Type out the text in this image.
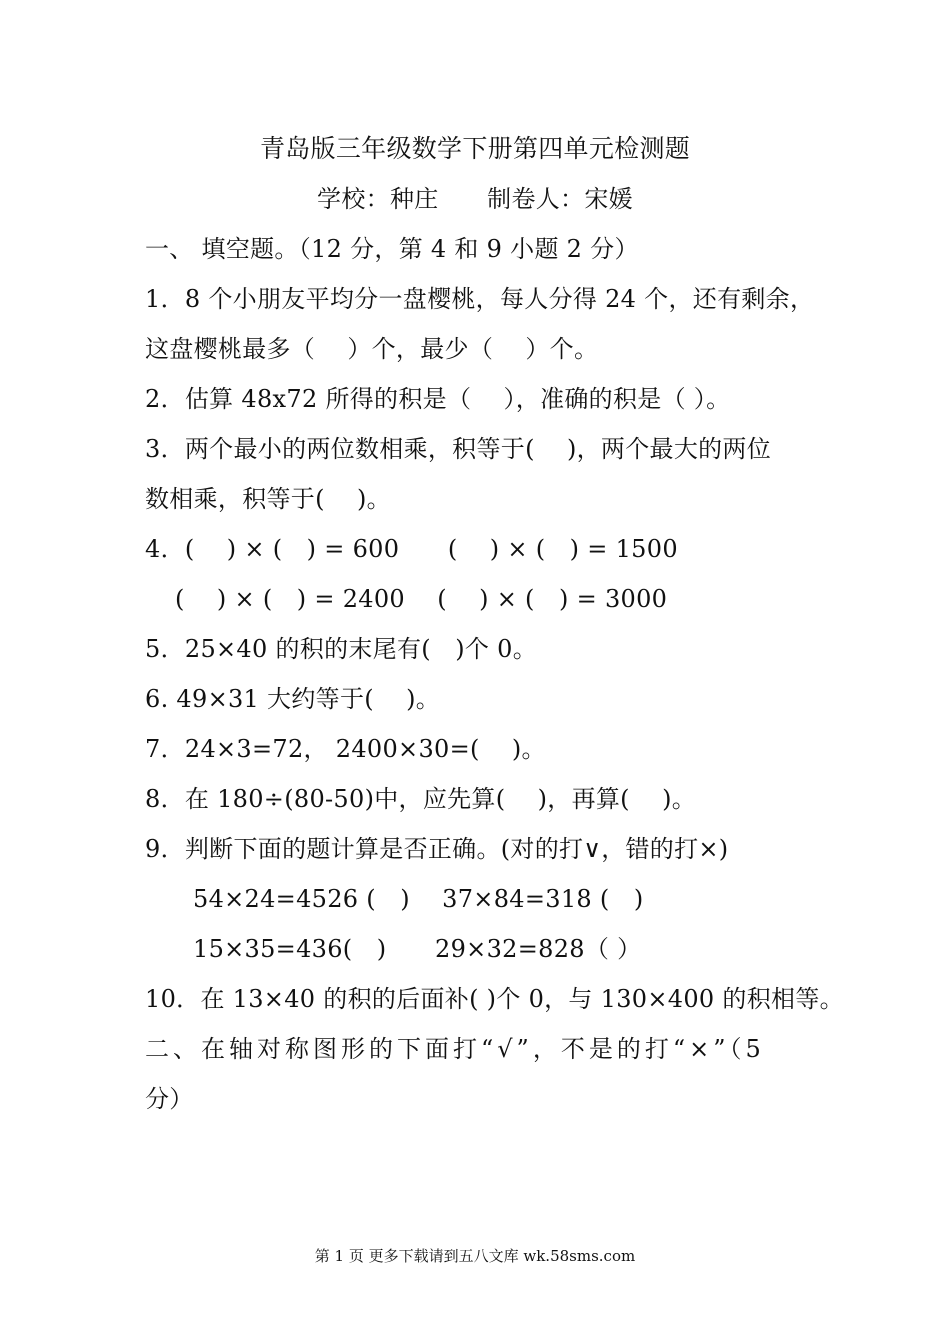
青岛版三年级数学下册第四单元检测题
学校：种庄　　制卷人：宋媛
一、 填空题。（12 分，第 4 和 9 小题 2 分）
1．8 个小朋友平均分一盘樱桃，每人分得 24 个，还有剩余，
这盘樱桃最多（　 ）个，最少（　 ）个。
2．估算 48x72 所得的积是（　 ），准确的积是（ ）。
3．两个最小的两位数相乘，积等于(　 )，两个最大的两位
数相乘，积等于(　 )。
4．(　 ) × (　) = 600　　(　 ) × (　) = 1500
(　 ) × (　) = 2400　 (　 ) × (　) = 3000
5．25×40 的积的末尾有(　)个 0。
6. 49×31 大约等于(　 )。
7．24×3=72， 2400×30=(　 )。
8．在 180÷(80-50)中，应先算(　 )，再算(　 )。
9．判断下面的题计算是否正确。(对的打∨，错的打×)
54×24=4526 (　)　 37×84=318 (　)
15×35=436(　)　　29×32=828（ ）
10．在 13×40 的积的后面补( )个 0，与 130×400 的积相等。
二、在轴对称图形的下面打“√”，不是的打“×”（5
分）
第 1 页 更多下载请到五八文库 wk.58sms.com
